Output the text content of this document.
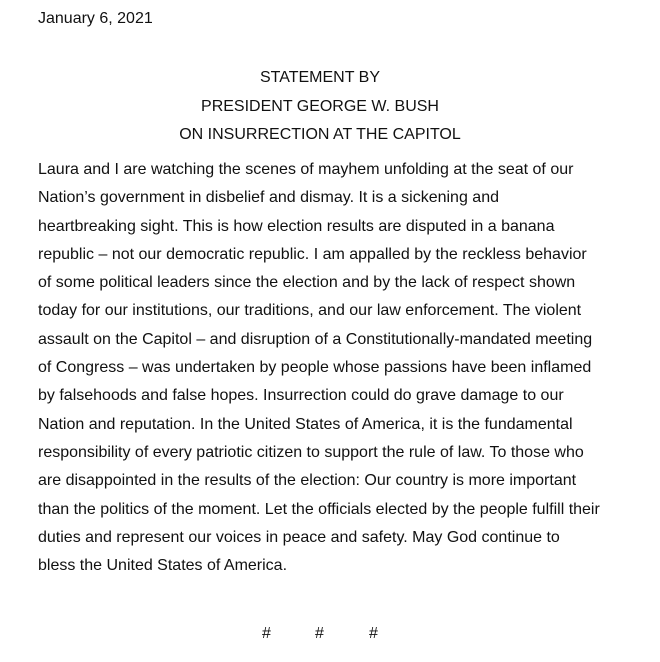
January 6, 2021
STATEMENT BY
PRESIDENT GEORGE W. BUSH
ON INSURRECTION AT THE CAPITOL
Laura and I are watching the scenes of mayhem unfolding at the seat of our
Nation’s government in disbelief and dismay. It is a sickening and
heartbreaking sight. This is how election results are disputed in a banana
republic – not our democratic republic. I am appalled by the reckless behavior
of some political leaders since the election and by the lack of respect shown
today for our institutions, our traditions, and our law enforcement. The violent
assault on the Capitol – and disruption of a Constitutionally-mandated meeting
of Congress – was undertaken by people whose passions have been inflamed
by falsehoods and false hopes. Insurrection could do grave damage to our
Nation and reputation. In the United States of America, it is the fundamental
responsibility of every patriotic citizen to support the rule of law. To those who
are disappointed in the results of the election: Our country is more important
than the politics of the moment. Let the officials elected by the people fulfill their
duties and represent our voices in peace and safety. May God continue to
bless the United States of America.
#	#	#
